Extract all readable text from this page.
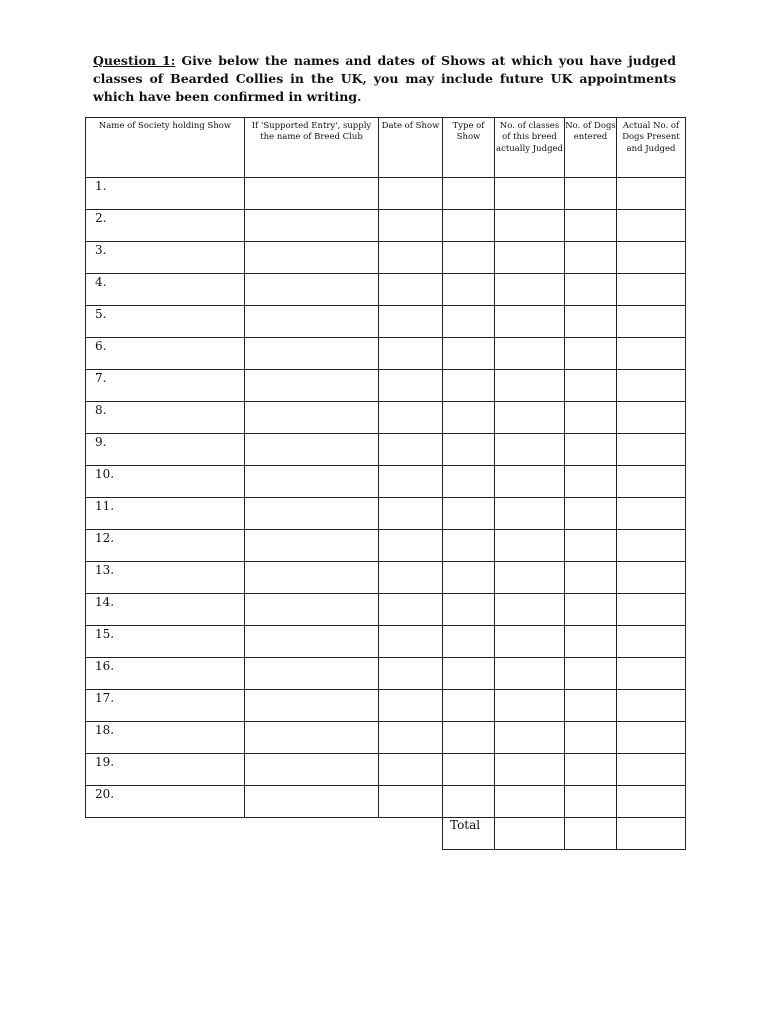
Question 1: Give below the names and dates of Shows at which you have judged classes of Bearded Collies in the UK, you may include future UK appointments which have been confirmed in writing.
Name of Society holding Show	If 'Supported Entry', supply the name of Breed Club	Date of Show	Type of Show	No. of classes of this breed actually Judged	No. of Dogs entered	Actual No. of Dogs Present and Judged
1.						
2.						
3.						
4.						
5.						
6.						
7.						
8.						
9.						
10.						
11.						
12.						
13.						
14.						
15.						
16.						
17.						
18.						
19.						
20.						
			Total			
